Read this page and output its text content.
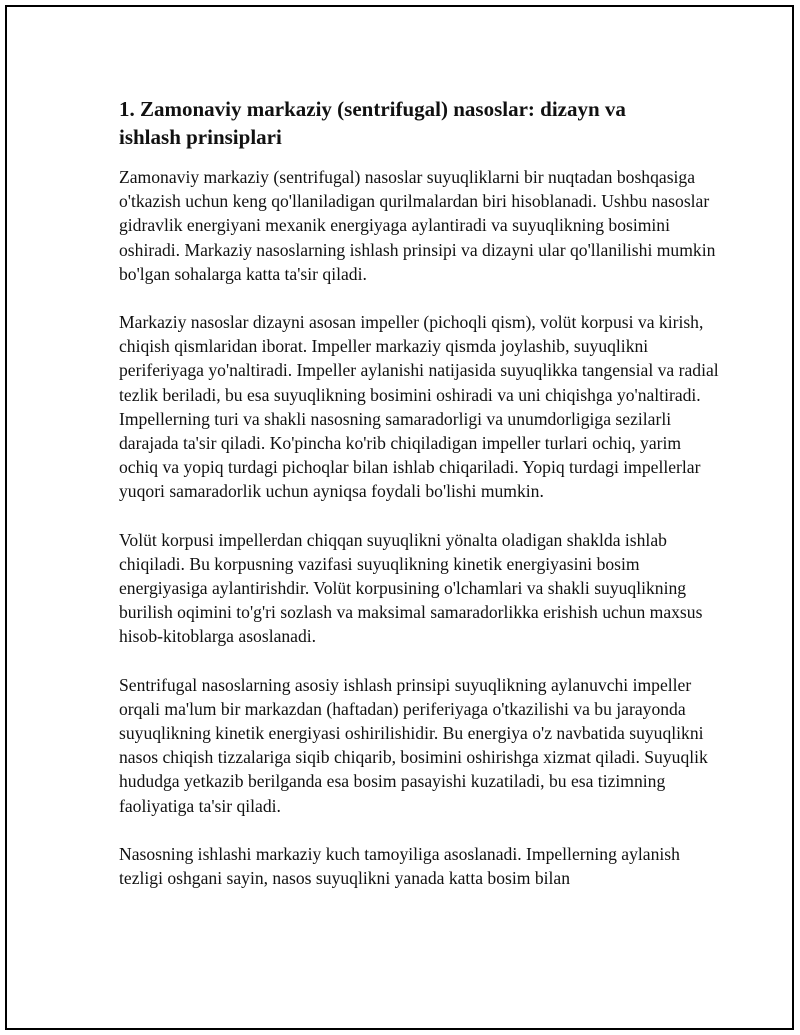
1. Zamonaviy markaziy (sentrifugal) nasoslar: dizayn va ishlash prinsiplari

Zamonaviy markaziy (sentrifugal) nasoslar suyuqliklarni bir nuqtadan boshqasiga o'tkazish uchun keng qo'llaniladigan qurilmalardan biri hisoblanadi. Ushbu nasoslar gidravlik energiyani mexanik energiyaga aylantiradi va suyuqlikning bosimini oshiradi. Markaziy nasoslarning ishlash prinsipi va dizayni ular qo'llanilishi mumkin bo'lgan sohalarga katta ta'sir qiladi.

Markaziy nasoslar dizayni asosan impeller (pichoqli qism), volüt korpusi va kirish, chiqish qismlaridan iborat. Impeller markaziy qismda joylashib, suyuqlikni periferiyaga yo'naltiradi. Impeller aylanishi natijasida suyuqlikka tangensial va radial tezlik beriladi, bu esa suyuqlikning bosimini oshiradi va uni chiqishga yo'naltiradi. Impellerning turi va shakli nasosning samaradorligi va unumdorligiga sezilarli darajada ta'sir qiladi. Ko'pincha ko'rib chiqiladigan impeller turlari ochiq, yarim ochiq va yopiq turdagi pichoqlar bilan ishlab chiqariladi. Yopiq turdagi impellerlar yuqori samaradorlik uchun ayniqsa foydali bo'lishi mumkin.

Volüt korpusi impellerdan chiqqan suyuqlikni yönalta oladigan shaklda ishlab chiqiladi. Bu korpusning vazifasi suyuqlikning kinetik energiyasini bosim energiyasiga aylantirishdir. Volüt korpusining o'lchamlari va shakli suyuqlikning burilish oqimini to'g'ri sozlash va maksimal samaradorlikka erishish uchun maxsus hisob-kitoblarga asoslanadi.

Sentrifugal nasoslarning asosiy ishlash prinsipi suyuqlikning aylanuvchi impeller orqali ma'lum bir markazdan (haftadan) periferiyaga o'tkazilishi va bu jarayonda suyuqlikning kinetik energiyasi oshirilishidir. Bu energiya o'z navbatida suyuqlikni nasos chiqish tizzalariga siqib chiqarib, bosimini oshirishga xizmat qiladi. Suyuqlik hududga yetkazib berilganda esa bosim pasayishi kuzatiladi, bu esa tizimning faoliyatiga ta'sir qiladi.

Nasosning ishlashi markaziy kuch tamoyiliga asoslanadi. Impellerning aylanish tezligi oshgani sayin, nasos suyuqlikni yanada katta bosim bilan
